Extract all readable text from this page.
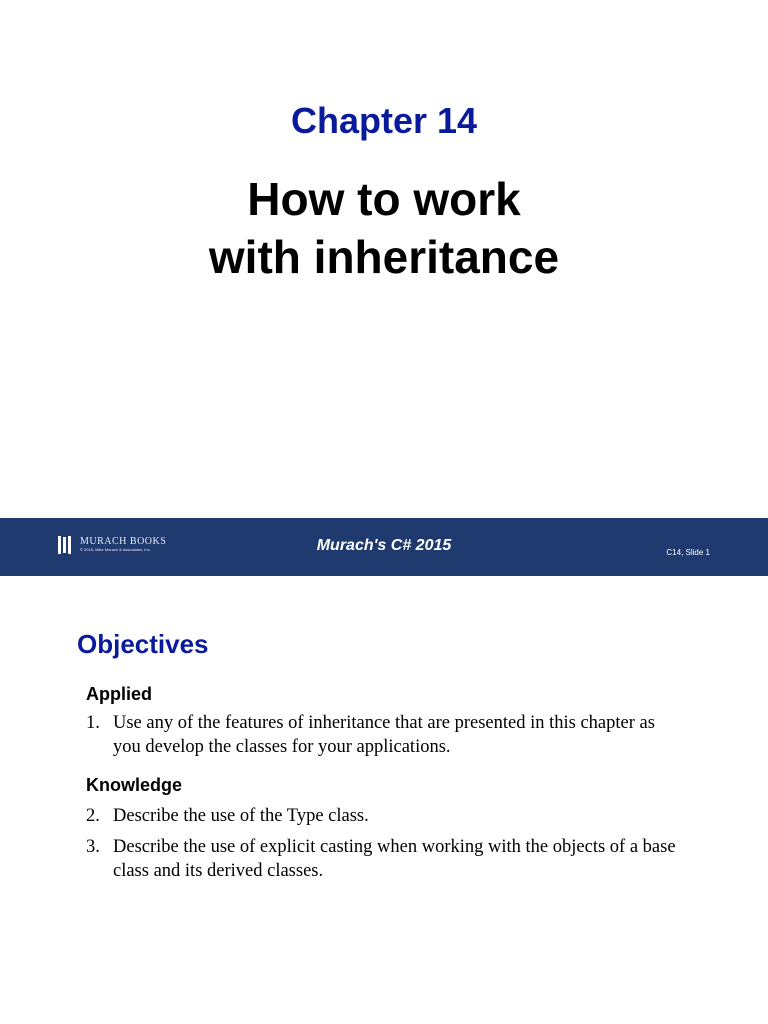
Chapter 14
How to work
with inheritance
MURACH BOOKS
© 2016, Mike Murach & Associates, Inc.	Murach's C# 2015	C14, Slide 1
Objectives
Applied
1. Use any of the features of inheritance that are presented in this chapter as you develop the classes for your applications.
Knowledge
2. Describe the use of the Type class.
3. Describe the use of explicit casting when working with the objects of a base class and its derived classes.
